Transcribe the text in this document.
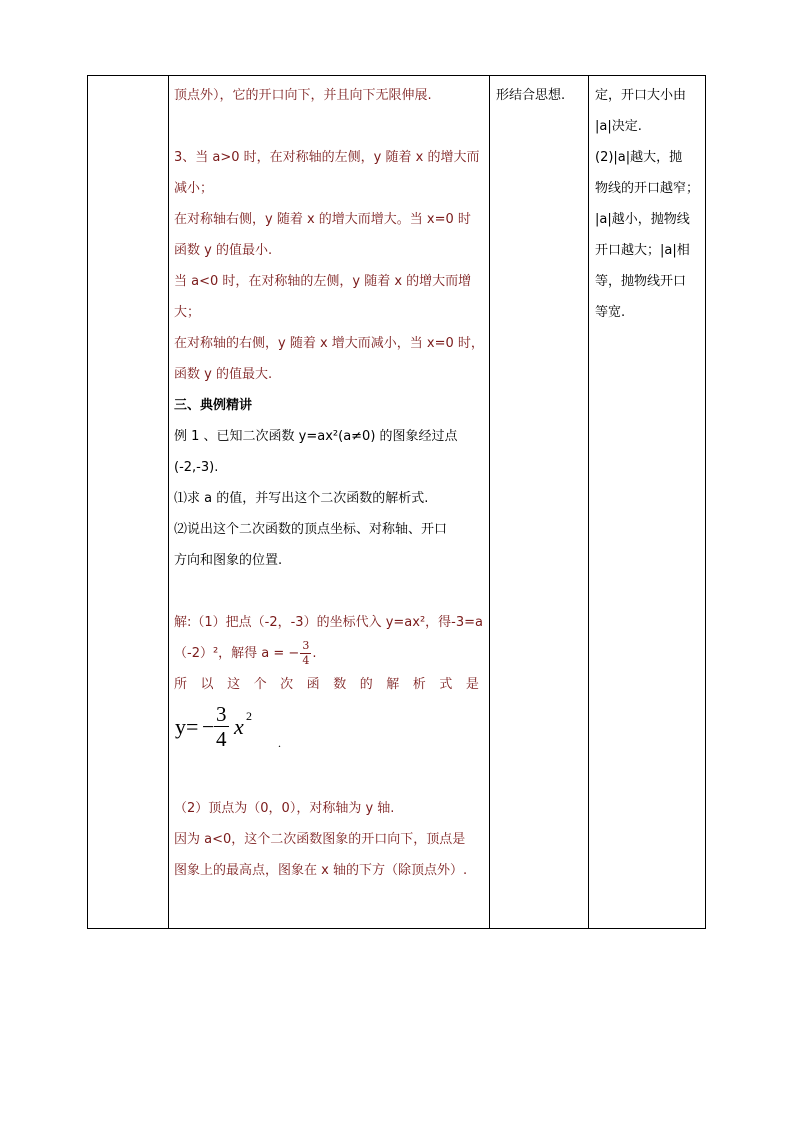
顶点外），它的开口向下，并且向下无限伸展.
3、当 a>0 时，在对称轴的左侧，y 随着 x 的增大而
减小；
在对称轴右侧，y 随着 x 的增大而增大。当 x=0 时
函数 y 的值最小.
当 a<0 时，在对称轴的左侧，y 随着 x 的增大而增
大；
在对称轴的右侧，y 随着 x 增大而减小，当 x=0 时，
函数 y 的值最大.
三、典例精讲
例 1 、已知二次函数 y=ax²(a≠0) 的图象经过点
(-2,-3).
⑴求 a 的值，并写出这个二次函数的解析式.
⑵说出这个二次函数的顶点坐标、对称轴、开口
方向和图象的位置.
解:（1）把点（-2，-3）的坐标代入 y=ax²，得-3=a
（-2）²，解得 a = − $\frac{3}{4}$ .
所 以 这 个 次 函 数 的 解 析 式 是
y = − $\frac{3}{4}$ x 2
.
（2）顶点为（0，0），对称轴为 y 轴.
因为 a<0，这个二次函数图象的开口向下，顶点是
图象上的最高点，图象在 x 轴的下方（除顶点外）.
形结合思想.	定，开口大小由
|a|决定.
(2)|a|越大，抛
物线的开口越窄；
|a|越小，抛物线
开口越大；|a|相
等，抛物线开口
等宽.
